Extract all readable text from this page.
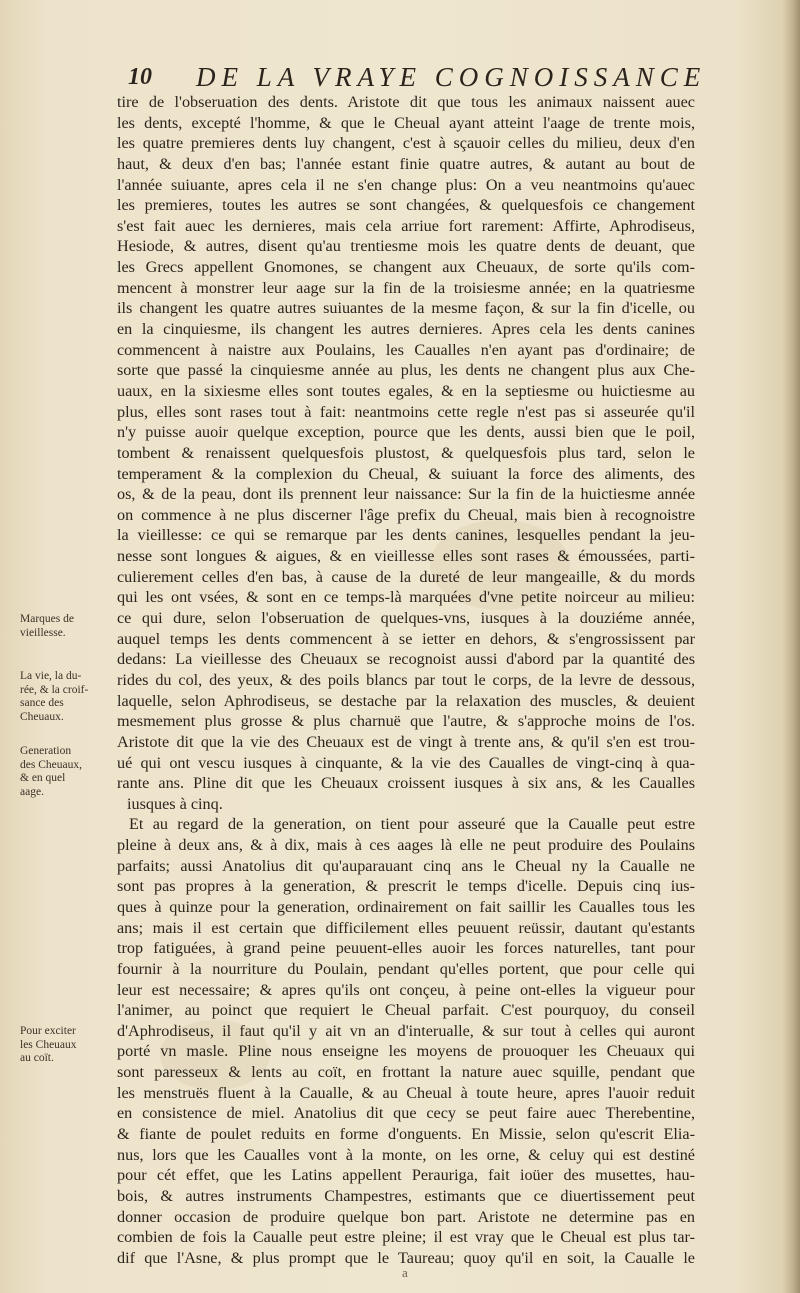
10 DE LA VRAYE COGNOISSANCE
tire de l'obseruation des dents. Aristote dit que tous les animaux naissent auec
les dents, excepté l'homme, & que le Cheual ayant atteint l'aage de trente mois,
les quatre premieres dents luy changent, c'est à sçauoir celles du milieu, deux d'en
haut, & deux d'en bas; l'année estant finie quatre autres, & autant au bout de
l'année suiuante, apres cela il ne s'en change plus: On a veu neantmoins qu'auec
les premieres, toutes les autres se sont changées, & quelquesfois ce changement
s'est fait auec les dernieres, mais cela arriue fort rarement: Affirte, Aphrodiseus,
Hesiode, & autres, disent qu'au trentiesme mois les quatre dents de deuant, que
les Grecs appellent Gnomones, se changent aux Cheuaux, de sorte qu'ils com-
mencent à monstrer leur aage sur la fin de la troisiesme année; en la quatriesme
ils changent les quatre autres suiuantes de la mesme façon, & sur la fin d'icelle, ou
en la cinquiesme, ils changent les autres dernieres. Apres cela les dents canines
commencent à naistre aux Poulains, les Caualles n'en ayant pas d'ordinaire; de
sorte que passé la cinquiesme année au plus, les dents ne changent plus aux Che-
uaux, en la sixiesme elles sont toutes egales, & en la septiesme ou huictiesme au
plus, elles sont rases tout à fait: neantmoins cette regle n'est pas si asseurée qu'il
n'y puisse auoir quelque exception, pource que les dents, aussi bien que le poil,
tombent & renaissent quelquesfois plustost, & quelquesfois plus tard, selon le
temperament & la complexion du Cheual, & suiuant la force des aliments, des
os, & de la peau, dont ils prennent leur naissance: Sur la fin de la huictiesme année
on commence à ne plus discerner l'âge prefix du Cheual, mais bien à recognoistre
la vieillesse: ce qui se remarque par les dents canines, lesquelles pendant la jeu-
nesse sont longues & aigues, & en vieillesse elles sont rases & émoussées, parti-
culierement celles d'en bas, à cause de la dureté de leur mangeaille, & du mords
qui les ont vsées, & sont en ce temps-là marquées d'vne petite noirceur au milieu:
ce qui dure, selon l'obseruation de quelques-vns, iusques à la douziéme année,
auquel temps les dents commencent à se ietter en dehors, & s'engrossissent par
dedans: La vieillesse des Cheuaux se recognoist aussi d'abord par la quantité des
rides du col, des yeux, & des poils blancs par tout le corps, de la levre de dessous,
laquelle, selon Aphrodiseus, se destache par la relaxation des muscles, & deuient
mesmement plus grosse & plus charnuë que l'autre, & s'approche moins de l'os.
Aristote dit que la vie des Cheuaux est de vingt à trente ans, & qu'il s'en est trou-
ué qui ont vescu iusques à cinquante, & la vie des Caualles de vingt-cinq à qua-
rante ans. Pline dit que les Cheuaux croissent iusques à six ans, & les Caualles
iusques à cinq.
Et au regard de la generation, on tient pour asseuré que la Caualle peut estre
pleine à deux ans, & à dix, mais à ces aages là elle ne peut produire des Poulains
parfaits; aussi Anatolius dit qu'auparauant cinq ans le Cheual ny la Caualle ne
sont pas propres à la generation, & prescrit le temps d'icelle. Depuis cinq ius-
ques à quinze pour la generation, ordinairement on fait saillir les Caualles tous les
ans; mais il est certain que difficilement elles peuuent reüssir, dautant qu'estants
trop fatiguées, à grand peine peuuent-elles auoir les forces naturelles, tant pour
fournir à la nourriture du Poulain, pendant qu'elles portent, que pour celle qui
leur est necessaire; & apres qu'ils ont conçeu, à peine ont-elles la vigueur pour
l'animer, au poinct que requiert le Cheual parfait. C'est pourquoy, du conseil
d'Aphrodiseus, il faut qu'il y ait vn an d'interualle, & sur tout à celles qui auront
porté vn masle. Pline nous enseigne les moyens de prouoquer les Cheuaux qui
sont paresseux & lents au coït, en frottant la nature auec squille, pendant que
les menstruës fluent à la Caualle, & au Cheual à toute heure, apres l'auoir reduit
en consistence de miel. Anatolius dit que cecy se peut faire auec Therebentine,
& fiante de poulet reduits en forme d'onguents. En Missie, selon qu'escrit Elia-
nus, lors que les Caualles vont à la monte, on les orne, & celuy qui est destiné
pour cét effet, que les Latins appellent Perauriga, fait ioüer des musettes, hau-
bois, & autres instruments Champestres, estimants que ce diuertissement peut
donner occasion de produire quelque bon part. Aristote ne determine pas en
combien de fois la Caualle peut estre pleine; il est vray que le Cheual est plus tar-
dif que l'Asne, & plus prompt que le Taureau; quoy qu'il en soit, la Caualle le
Marques de
vieillesse.
La vie, la du-
rée, & la croif-
sance des
Cheuaux.
Generation
des Cheuaux,
& en quel
aage.
Pour exciter
les Cheuaux
au coït.
a
